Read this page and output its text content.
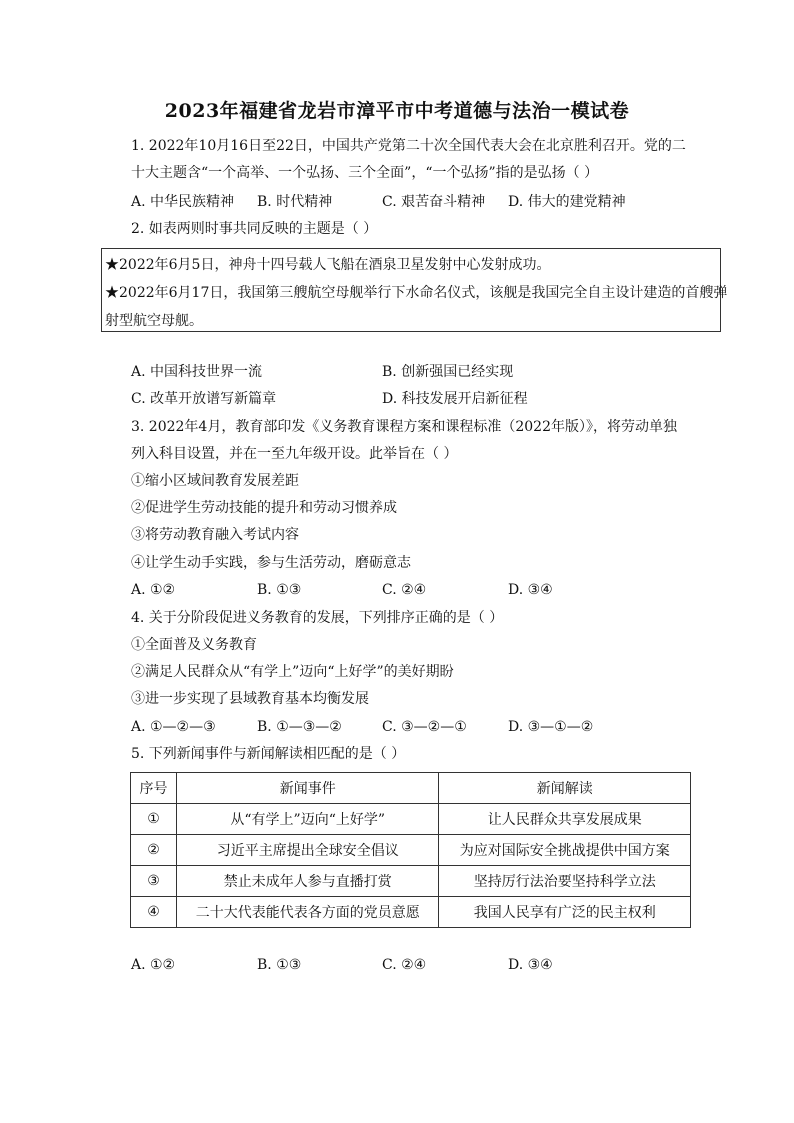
2023年福建省龙岩市漳平市中考道德与法治一模试卷
1. 2022年10月16日至22日，中国共产党第二十次全国代表大会在北京胜利召开。党的二
十大主题含“一个高举、一个弘扬、三个全面”，“一个弘扬”指的是弘扬（ ）
A. 中华民族精神 B. 时代精神	C. 艰苦奋斗精神 D. 伟大的建党精神
2. 如表两则时事共同反映的主题是（ ）
★2022年6月5日，神舟十四号载人飞船在酒泉卫星发射中心发射成功。
★2022年6月17日，我国第三艘航空母舰举行下水命名仪式，该舰是我国完全自主设计建造的首艘弹
射型航空母舰。
A. 中国科技世界一流	B. 创新强国已经实现
C. 改革开放谱写新篇章	D. 科技发展开启新征程
3. 2022年4月，教育部印发《义务教育课程方案和课程标准（2022年版）》，将劳动单独
列入科目设置，并在一至九年级开设。此举旨在（ ）
①缩小区域间教育发展差距
②促进学生劳动技能的提升和劳动习惯养成
③将劳动教育融入考试内容
④让学生动手实践，参与生活劳动，磨砺意志
A. ①②	B. ①③	C. ②④	D. ③④
4. 关于分阶段促进义务教育的发展，下列排序正确的是（ ）
①全面普及义务教育
②满足人民群众从“有学上”迈向“上好学”的美好期盼
③进一步实现了县域教育基本均衡发展
A. ①—②—③	B. ①—③—②	C. ③—②—①	D. ③—①—②
5. 下列新闻事件与新闻解读相匹配的是（ ）
序号	新闻事件	新闻解读
①	从“有学上”迈向“上好学”	让人民群众共享发展成果
②	习近平主席提出全球安全倡议	为应对国际安全挑战提供中国方案
③	禁止未成年人参与直播打赏	坚持厉行法治要坚持科学立法
④	二十大代表能代表各方面的党员意愿	我国人民享有广泛的民主权利
A. ①②	B. ①③	C. ②④	D. ③④
